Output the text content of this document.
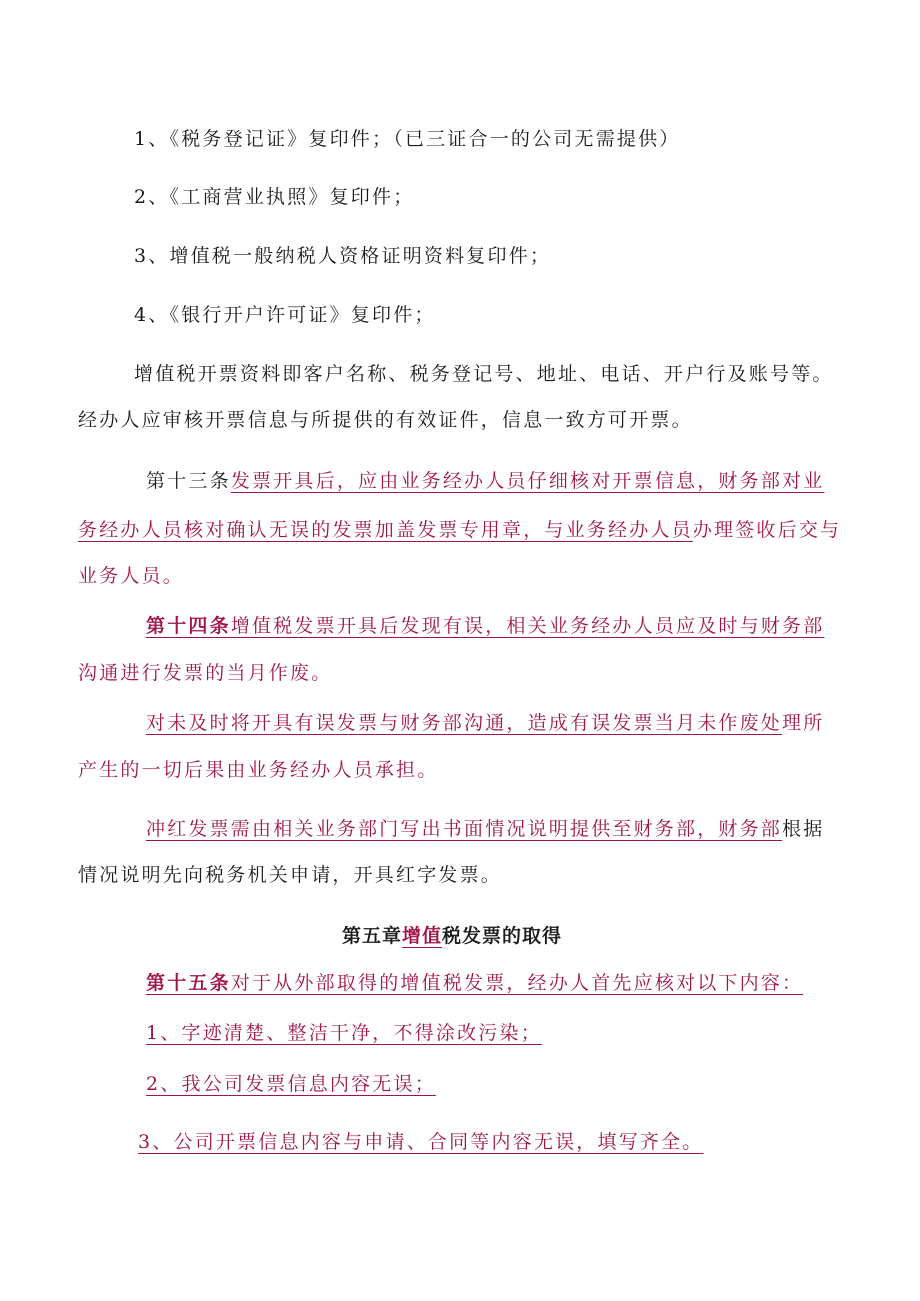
1、《税务登记证》复印件；（已三证合一的公司无需提供）
2、《工商营业执照》复印件；
3、增值税一般纳税人资格证明资料复印件；
4、《银行开户许可证》复印件；
增值税开票资料即客户名称、税务登记号、地址、电话、开户行及账号等。
经办人应审核开票信息与所提供的有效证件，信息一致方可开票。
第十三条发票开具后，应由业务经办人员仔细核对开票信息，财务部对业
务经办人员核对确认无误的发票加盖发票专用章，与业务经办人员办理签收后交与
业务人员。
第十四条增值税发票开具后发现有误，相关业务经办人员应及时与财务部
沟通进行发票的当月作废。
对未及时将开具有误发票与财务部沟通，造成有误发票当月未作废处理所
产生的一切后果由业务经办人员承担。
冲红发票需由相关业务部门写出书面情况说明提供至财务部，财务部根据
情况说明先向税务机关申请，开具红字发票。
第五章增值税发票的取得
第十五条对于从外部取得的增值税发票，经办人首先应核对以下内容：
1、字迹清楚、整洁干净，不得涂改污染；
2、我公司发票信息内容无误；
3、公司开票信息内容与申请、合同等内容无误，填写齐全。
